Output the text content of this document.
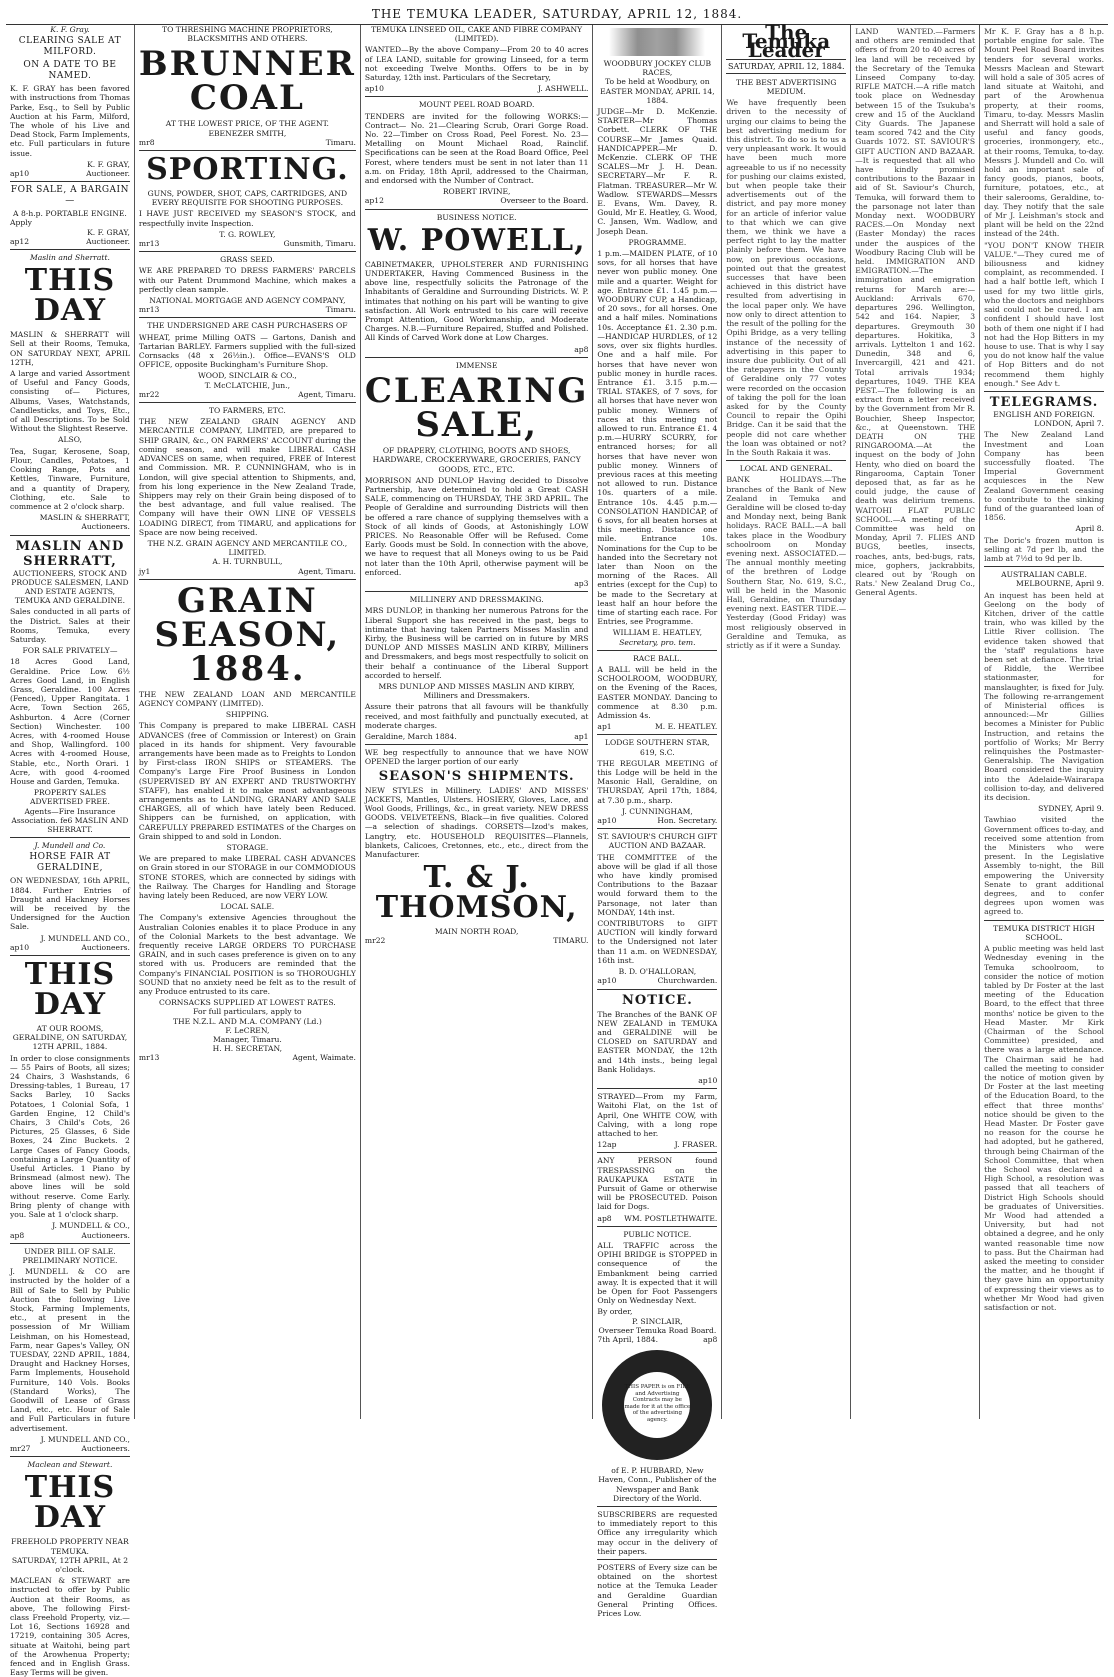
THE TEMUKA LEADER, SATURDAY, APRIL 12, 1884.
K. F. Gray.
CLEARING SALE AT MILFORD.
ON A DATE TO BE NAMED.
K. F. GRAY has been favored with instructions from Thomas Parke, Esq., to Sell by Public Auction at his Farm, Milford, The whole of his Live and Dead Stock, Farm Implements, etc. Full particulars in future issue.
K. F. GRAY,
ap10	Auctioneer.
FOR SALE, A BARGAIN—
A 8-h.p. PORTABLE ENGINE.
Apply
K. F. GRAY,
ap12	Auctioneer.
Maslin and Sherratt.
THIS DAY
MASLIN & SHERRATT will Sell at their Rooms, Temuka, ON SATURDAY NEXT, APRIL 12TH,
A large and varied Assortment of Useful and Fancy Goods, consisting of— Pictures, Albums, Vases, Watchstands, Candlesticks, and Toys, Etc., of all Descriptions. To be Sold Without the Slightest Reserve.
ALSO,
Tea, Sugar, Kerosene, Soap, Flour, Candles, Potatoes, 1 Cooking Range, Pots and Kettles, Tinware, Furniture, and a quantity of Drapery, Clothing, etc. Sale to commence at 2 o'clock sharp.
MASLIN & SHERRATT,
Auctioneers.
MASLIN AND SHERRATT,
AUCTIONEERS, STOCK AND PRODUCE SALESMEN, LAND AND ESTATE AGENTS,
TEMUKA AND GERALDINE.
Sales conducted in all parts of the District. Sales at their Rooms, Temuka, every Saturday.
FOR SALE PRIVATELY—
18 Acres Good Land, Geraldine. Price Low. 6½ Acres Good Land, in English Grass, Geraldine. 100 Acres (Fenced), Upper Rangitata. 1 Acre, Town Section 265, Ashburton. 4 Acre (Corner Section) Winchester. 100 Acres, with 4-roomed House and Shop, Wallingford. 100 Acres with 4-roomed House, Stable, etc., North Orari. 1 Acre, with good 4-roomed House and Garden, Temuka.
PROPERTY SALES ADVERTISED FREE.
Agents—Fire Insurance Association. fe6 MASLIN AND SHERRATT.
J. Mundell and Co.
HORSE FAIR AT GERALDINE,
ON WEDNESDAY, 16th APRIL, 1884. Further Entries of Draught and Hackney Horses will be received by the Undersigned for the Auction Sale.
J. MUNDELL AND CO.,
ap10	Auctioneers.
THIS DAY
AT OUR ROOMS, GERALDINE, ON SATURDAY, 12TH APRIL, 1884.
In order to close consignments— 55 Pairs of Boots, all sizes; 24 Chairs, 3 Washstands, 6 Dressing-tables, 1 Bureau, 17 Sacks Barley, 10 Sacks Potatoes, 1 Colonial Sofa, 1 Garden Engine, 12 Child's Chairs, 3 Child's Cots, 26 Pictures, 25 Glasses, 6 Side Boxes, 24 Zinc Buckets. 2 Large Cases of Fancy Goods, containing a Large Quantity of Useful Articles. 1 Piano by Brinsmead (almost new). The above lines will be sold without reserve. Come Early. Bring plenty of change with you. Sale at 1 o'clock sharp.
J. MUNDELL & CO.,
ap8	Auctioneers.
UNDER BILL OF SALE.
PRELIMINARY NOTICE.
J. MUNDELL & CO are instructed by the holder of a Bill of Sale to Sell by Public Auction the following Live Stock, Farming Implements, etc., at present in the possession of Mr William Leishman, on his Homestead, Farm, near Gapes's Valley, ON TUESDAY, 22ND APRIL, 1884, Draught and Hackney Horses, Farm Implements, Household Furniture, 140 Vols. Books (Standard Works), The Goodwill of Lease of Grass Land, etc., etc. Hour of Sale and Full Particulars in future advertisement.
J. MUNDELL AND CO.,
mr27	Auctioneers.
Maclean and Stewart.
THIS DAY
FREEHOLD PROPERTY NEAR TEMUKA.
SATURDAY, 12TH APRIL, At 2 o'clock.
MACLEAN & STEWART are instructed to offer by Public Auction at their Rooms, as above, The following First-class Freehold Property, viz.— Lot 16, Sections 16928 and 17219, containing 305 Acres, situate at Waitohi, being part of the Arowhenua Property; fenced and in English Grass. Easy Terms will be given.
TO THRESHING MACHINE PROPRIETORS, BLACKSMITHS AND OTHERS.
BRUNNER COAL
AT THE LOWEST PRICE, OF THE AGENT.
EBENEZER SMITH,
mr8	Timaru.
SPORTING.
GUNS, POWDER, SHOT, CAPS, CARTRIDGES, AND EVERY REQUISITE FOR SHOOTING PURPOSES.
I HAVE JUST RECEIVED my SEASON'S STOCK, and respectfully invite Inspection.
T. G. ROWLEY,
mr13	Gunsmith, Timaru.
GRASS SEED.
WE ARE PREPARED TO DRESS FARMERS' PARCELS with our Patent Drummond Machine, which makes a perfectly clean sample.
NATIONAL MORTGAGE AND AGENCY COMPANY,
mr13	Timaru.
THE UNDERSIGNED ARE CASH PURCHASERS OF
WHEAT, prime Milling OATS — Gartons, Danish and Tartarian BARLEY. Farmers supplied with the full-sized Cornsacks (48 x 26½in.). Office—EVANS'S OLD OFFICE, opposite Buckingham's Furniture Shop.
WOOD, SINCLAIR & CO.,
T. McCLATCHIE, Jun.,
mr22	Agent, Timaru.
TO FARMERS, ETC.
THE NEW ZEALAND GRAIN AGENCY AND MERCANTILE COMPANY, LIMITED, are prepared to SHIP GRAIN, &c., ON FARMERS' ACCOUNT during the coming season, and will make LIBERAL CASH ADVANCES on same, when required, FREE of Interest and Commission. MR. P. CUNNINGHAM, who is in London, will give special attention to Shipments, and, from his long experience in the New Zealand Trade, Shippers may rely on their Grain being disposed of to the best advantage, and full value realised. The Company will have their OWN LINE OF VESSELS LOADING DIRECT, from TIMARU, and applications for Space are now being received.
THE N.Z. GRAIN AGENCY AND MERCANTILE CO., LIMITED.
A. H. TURNBULL,
jy1	Agent, Timaru.
GRAIN SEASON, 1884.
THE NEW ZEALAND LOAN AND MERCANTILE AGENCY COMPANY (LIMITED).
SHIPPING.
This Company is prepared to make LIBERAL CASH ADVANCES (free of Commission or Interest) on Grain placed in its hands for shipment. Very favourable arrangements have been made as to Freights to London by First-class IRON SHIPS or STEAMERS. The Company's Large Fire Proof Business in London (SUPERVISED BY AN EXPERT AND TRUSTWORTHY STAFF), has enabled it to make most advantageous arrangements as to LANDING, GRANARY AND SALE CHARGES, all of which have lately been Reduced. Shippers can be furnished, on application, with CAREFULLY PREPARED ESTIMATES of the Charges on Grain shipped to and sold in London.
STORAGE.
We are prepared to make LIBERAL CASH ADVANCES on Grain stored in our STORAGE in our COMMODIOUS STONE STORES, which are connected by sidings with the Railway. The Charges for Handling and Storage having lately been Reduced, are now VERY LOW.
LOCAL SALE.
The Company's extensive Agencies throughout the Australian Colonies enables it to place Produce in any of the Colonial Markets to the best advantage. We frequently receive LARGE ORDERS TO PURCHASE GRAIN, and in such cases preference is given on to any stored with us. Producers are reminded that the Company's FINANCIAL POSITION is so THOROUGHLY SOUND that no anxiety need be felt as to the result of any Produce entrusted to its care.
CORNSACKS SUPPLIED AT LOWEST RATES.
For full particulars, apply to
THE N.Z.L. AND M.A. COMPANY (Ld.)
F. LeCREN,
Manager, Timaru.
H. H. SECRETAN,
mr13	Agent, Waimate.
TEMUKA LINSEED OIL, CAKE AND FIBRE COMPANY (LIMITED).
WANTED—By the above Company—From 20 to 40 acres of LEA LAND, suitable for growing Linseed, for a term not exceeding Twelve Months. Offers to be in by Saturday, 12th inst. Particulars of the Secretary,
ap10	J. ASHWELL.
MOUNT PEEL ROAD BOARD.
TENDERS are invited for the following WORKS:— Contract— No. 21—Clearing Scrub, Orari Gorge Road. No. 22—Timber on Cross Road, Peel Forest. No. 23—Metalling on Mount Michael Road, Rainclif. Specifications can be seen at the Road Board Office, Peel Forest, where tenders must be sent in not later than 11 a.m. on Friday, 18th April, addressed to the Chairman, and endorsed with the Number of Contract.
ROBERT IRVINE,
ap12	Overseer to the Board.
BUSINESS NOTICE.
W. POWELL,
CABINETMAKER, UPHOLSTERER AND FURNISHING UNDERTAKER, Having Commenced Business in the above line, respectfully solicits the Patronage of the Inhabitants of Geraldine and Surrounding Districts. W. P. intimates that nothing on his part will be wanting to give satisfaction. All Work entrusted to his care will receive Prompt Attention, Good Workmanship, and Moderate Charges. N.B.—Furniture Repaired, Stuffed and Polished. All Kinds of Carved Work done at Low Charges.
ap8
IMMENSE
CLEARING SALE,
OF DRAPERY, CLOTHING, BOOTS AND SHOES, HARDWARE, CROCKERYWARE, GROCERIES, FANCY GOODS, ETC., ETC.
MORRISON AND DUNLOP Having decided to Dissolve Partnership, have determined to hold a Great CASH SALE, commencing on THURSDAY, THE 3RD APRIL. The People of Geraldine and surrounding Districts will then be offered a rare chance of supplying themselves with a Stock of all kinds of Goods, at Astonishingly LOW PRICES. No Reasonable Offer will be Refused. Come Early. Goods must be Sold. In connection with the above, we have to request that all Moneys owing to us be Paid not later than the 10th April, otherwise payment will be enforced.
ap3
MILLINERY AND DRESSMAKING.
MRS DUNLOP, in thanking her numerous Patrons for the Liberal Support she has received in the past, begs to intimate that having taken Partners Misses Maslin and Kirby, the Business will be carried on in future by MRS DUNLOP AND MISSES MASLIN AND KIRBY, Milliners and Dressmakers, and begs most respectfully to solicit on their behalf a continuance of the Liberal Support accorded to herself.
MRS DUNLOP AND MISSES MASLIN AND KIRBY,
Milliners and Dressmakers.
Assure their patrons that all favours will be thankfully received, and most faithfully and punctually executed, at moderate charges.
Geraldine, March 1884.	ap1
WE beg respectfully to announce that we have NOW OPENED the larger portion of our early
SEASON'S SHIPMENTS.
NEW STYLES in Millinery. LADIES' AND MISSES' JACKETS, Mantles, Ulsters. HOSIERY, Gloves, Lace, and Wool Goods, Frillings, &c., in great variety. NEW DRESS GOODS. VELVETEENS, Black—in five qualities. Colored—a selection of shadings. CORSETS—Izod's makes, Langtry, etc. HOUSEHOLD REQUISITES—Flannels, blankets, Calicoes, Cretonnes, etc., etc., direct from the Manufacturer.
T. & J. THOMSON,
MAIN NORTH ROAD,
mr22	TIMARU.
WOODBURY JOCKEY CLUB RACES,
To be held at Woodbury, on EASTER MONDAY, APRIL 14, 1884.
JUDGE—Mr D. McKenzie. STARTER—Mr Thomas Corbett. CLERK OF THE COURSE—Mr James Quaid. HANDICAPPER—Mr D. McKenzie. CLERK OF THE SCALES—Mr J. H. Dean. SECRETARY—Mr F. R. Flatman. TREASURER—Mr W. Wadlow. STEWARDS—Messrs E. Evans, Wm. Davey, R. Gould, Mr E. Heatley, G. Wood, C. Jansen, Wm. Wadlow, and Joseph Dean.
PROGRAMME.
1 p.m.—MAIDEN PLATE, of 10 sovs, for all horses that have never won public money. One mile and a quarter. Weight for age. Entrance £1. 1.45 p.m.—WOODBURY CUP, a Handicap, of 20 sovs., for all horses. One and a half miles. Nominations 10s. Acceptance £1. 2.30 p.m.—HANDICAP HURDLES, of 12 sovs, over six flights hurdles. One and a half mile. For horses that have never won public money in hurdle races. Entrance £1. 3.15 p.m.—TRIAL STAKES, of 7 sovs, for all horses that have never won public money. Winners of races at this meeting not allowed to run. Entrance £1. 4 p.m.—HURRY SCURRY, for entranced horses; for all horses that have never won public money. Winners of previous races at this meeting not allowed to run. Distance 10s. quarters of a mile. Entrance 10s. 4.45 p.m.—CONSOLATION HANDICAP, of 6 sovs, for all beaten horses at this meeting. Distance one mile. Entrance 10s. Nominations for the Cup to be handed into the Secretary not later than Noon on the morning of the Races. All entries (except for the Cup) to be made to the Secretary at least half an hour before the time of starting each race. For Entries, see Programme.
WILLIAM E. HEATLEY,
Secretary, pro. tem.
RACE BALL.
A BALL will be held in the SCHOOLROOM, WOODBURY, on the Evening of the Races, EASTER MONDAY. Dancing to commence at 8.30 p.m. Admission 4s.
ap1	M. E. HEATLEY.
LODGE SOUTHERN STAR, 619, S.C.
THE REGULAR MEETING of this Lodge will be held in the Masonic Hall, Geraldine, on THURSDAY, April 17th, 1884, at 7.30 p.m., sharp.
J. CUNNINGHAM,
ap10	Hon. Secretary.
ST. SAVIOUR'S CHURCH GIFT AUCTION AND BAZAAR.
THE COMMITTEE of the above will be glad if all those who have kindly promised Contributions to the Bazaar would forward them to the Parsonage, not later than MONDAY, 14th inst.
CONTRIBUTORS to GIFT AUCTION will kindly forward to the Undersigned not later than 11 a.m. on WEDNESDAY, 16th inst.
B. D. O'HALLORAN,
ap10	Churchwarden.
NOTICE.
The Branches of the BANK OF NEW ZEALAND in TEMUKA and GERALDINE will be CLOSED on SATURDAY and EASTER MONDAY, the 12th and 14th insts., being legal Bank Holidays.
ap10
STRAYED—From my Farm, Waitohi Flat, on the 1st of April, One WHITE COW, with Calving, with a long rope attached to her.
12ap	J. FRASER.
ANY PERSON found TRESPASSING on the RAUKAPUKA ESTATE in Pursuit of Game or otherwise will be PROSECUTED. Poison laid for Dogs.
ap8 WM. POSTLETHWAITE.
PUBLIC NOTICE.
ALL TRAFFIC across the OPIHI BRIDGE is STOPPED in consequence of the Embankment being carried away. It is expected that it will be Open for Foot Passengers Only on Wednesday Next.
By order,
P. SINCLAIR,
Overseer Temuka Road Board.
7th April, 1884.	ap8
THIS PAPER is on FILE and Advertising Contracts may be made for it at the office of the advertising agency.
of E. P. HUBBARD, New Haven, Conn., Publisher of the Newspaper and Bank Directory of the World.
SUBSCRIBERS are requested to immediately report to this Office any irregularity which may occur in the delivery of their papers.
POSTERS of Every size can be obtained on the shortest notice at the Temuka Leader and Geraldine Guardian General Printing Offices. Prices Low.
The Temuka Leader
SATURDAY, APRIL 12, 1884.
THE BEST ADVERTISING MEDIUM.
We have frequently been driven to the necessity of urging our claims to being the best advertising medium for this district. To do so is to us a very unpleasant work. It would have been much more agreeable to us if no necessity for pushing our claims existed, but when people take their advertisements out of the district, and pay more money for an article of inferior value to that which we can give them, we think we have a perfect right to lay the matter plainly before them. We have now, on previous occasions, pointed out that the greatest successes that have been achieved in this district have resulted from advertising in the local paper only. We have now only to direct attention to the result of the polling for the Opihi Bridge, as a very telling instance of the necessity of advertising in this paper to insure due publicity. Out of all the ratepayers in the County of Geraldine only 77 votes were recorded on the occasion of taking the poll for the loan asked for by the County Council to repair the Opihi Bridge. Can it be said that the people did not care whether the loan was obtained or not? In the South Rakaia it was.
LOCAL AND GENERAL.
BANK HOLIDAYS.—The branches of the Bank of New Zealand in Temuka and Geraldine will be closed to-day and Monday next, being Bank holidays. RACE BALL.—A ball takes place in the Woodbury schoolroom on Monday evening next. ASSOCIATED.—The annual monthly meeting of the brethren of Lodge Southern Star, No. 619, S.C., will be held in the Masonic Hall, Geraldine, on Thursday evening next. EASTER TIDE.—Yesterday (Good Friday) was most religiously observed in Geraldine and Temuka, as strictly as if it were a Sunday.
LAND WANTED.—Farmers and others are reminded that offers of from 20 to 40 acres of lea land will be received by the Secretary of the Temuka Linseed Company to-day. RIFLE MATCH.—A rifle match took place on Wednesday between 15 of the Tsukuba's crew and 15 of the Auckland City Guards. The Japanese team scored 742 and the City Guards 1072. ST. SAVIOUR'S GIFT AUCTION AND BAZAAR.—It is requested that all who have kindly promised contributions to the Bazaar in aid of St. Saviour's Church, Temuka, will forward them to the parsonage not later than Monday next. WOODBURY RACES.—On Monday next (Easter Monday) the races under the auspices of the Woodbury Racing Club will be held. IMMIGRATION AND EMIGRATION.—The immigration and emigration returns for March are:—Auckland: Arrivals 670, departures 296. Wellington, 542 and 164. Napier, 3 departures. Greymouth 30 departures. Hokitika, 3 arrivals. Lyttelton 1 and 162. Dunedin, 348 and 6, Invercargill, 421 and 421. Total arrivals 1934; departures, 1049. THE KEA PEST.—The following is an extract from a letter received by the Government from Mr R. Bouchier, Sheep Inspector, &c., at Queenstown. THE DEATH ON THE RINGAROOMA.—At the inquest on the body of John Henty, who died on board the Ringarooma, Captain Toner deposed that, as far as he could judge, the cause of death was delirium tremens. WAITOHI FLAT PUBLIC SCHOOL.—A meeting of the Committee was held on Monday, April 7. FLIES AND BUGS, beetles, insects, roaches, ants, bed-bugs, rats, mice, gophers, jackrabbits, cleared out by 'Rough on Rats.' New Zealand Drug Co., General Agents.
Mr K. F. Gray has a 8 h.p. portable engine for sale. The Mount Peel Road Board invites tenders for several works. Messrs Maclean and Stewart will hold a sale of 305 acres of land situate at Waitohi, and part of the Arowhenua property, at their rooms, Timaru, to-day. Messrs Maslin and Sherratt will hold a sale of useful and fancy goods, groceries, ironmongery, etc., at their rooms, Temuka, to-day. Messrs J. Mundell and Co. will hold an important sale of fancy goods, pianos, boots, furniture, potatoes, etc., at their salerooms, Geraldine, to-day. They notify that the sale of Mr J. Leishman's stock and plant will be held on the 22nd instead of the 24th.
"YOU DON'T KNOW THEIR VALUE."—They cured me of biliousness and kidney complaint, as recommended. I had a half bottle left, which I used for my two little girls, who the doctors and neighbors said could not be cured. I am confident I should have lost both of them one night if I had not had the Hop Bitters in my house to use. That is why I say you do not know half the value of Hop Bitters and do not recommend them highly enough." See Adv t.
TELEGRAMS.
ENGLISH AND FOREIGN.
LONDON, April 7.
The New Zealand Land Investment and Loan Company has been successfully floated. The Imperial Government acquiesces in the New Zealand Government ceasing to contribute to the sinking fund of the guaranteed loan of 1856.
April 8.
The Doric's frozen mutton is selling at 7d per lb, and the lamb at 7½d to 9d per lb.
AUSTRALIAN CABLE.
MELBOURNE, April 9.
An inquest has been held at Geelong on the body of Kitchen, driver of the cattle train, who was killed by the Little River collision. The evidence taken showed that the 'staff' regulations have been set at defiance. The trial of Riddle, the Werribee stationmaster, for manslaughter, is fixed for July. The following re-arrangement of Ministerial offices is announced:—Mr Gillies becomes a Minister for Public Instruction, and retains the portfolio of Works; Mr Berry relinquishes the Postmaster-Generalship. The Navigation Board considered the inquiry into the Adelaide-Wairarapa collision to-day, and delivered its decision.
SYDNEY, April 9.
Tawhiao visited the Government offices to-day, and received some attention from the Ministers who were present. In the Legislative Assembly to-night, the Bill empowering the University Senate to grant additional degrees, and to confer degrees upon women was agreed to.
TEMUKA DISTRICT HIGH SCHOOL.
A public meeting was held last Wednesday evening in the Temuka schoolroom, to consider the notice of motion tabled by Dr Foster at the last meeting of the Education Board, to the effect that three months' notice be given to the Head Master. Mr Kirk (Chairman of the School Committee) presided, and there was a large attendance. The Chairman said he had called the meeting to consider the notice of motion given by Dr Foster at the last meeting of the Education Board, to the effect that three months' notice should be given to the Head Master. Dr Foster gave no reason for the course he had adopted, but he gathered, through being Chairman of the School Committee, that when the School was declared a High School, a resolution was passed that all teachers of District High Schools should be graduates of Universities. Mr Wood had attended a University, but had not obtained a degree, and he only wanted reasonable time now to pass. But the Chairman had asked the meeting to consider the matter, and he thought if they gave him an opportunity of expressing their views as to whether Mr Wood had given satisfaction or not.
